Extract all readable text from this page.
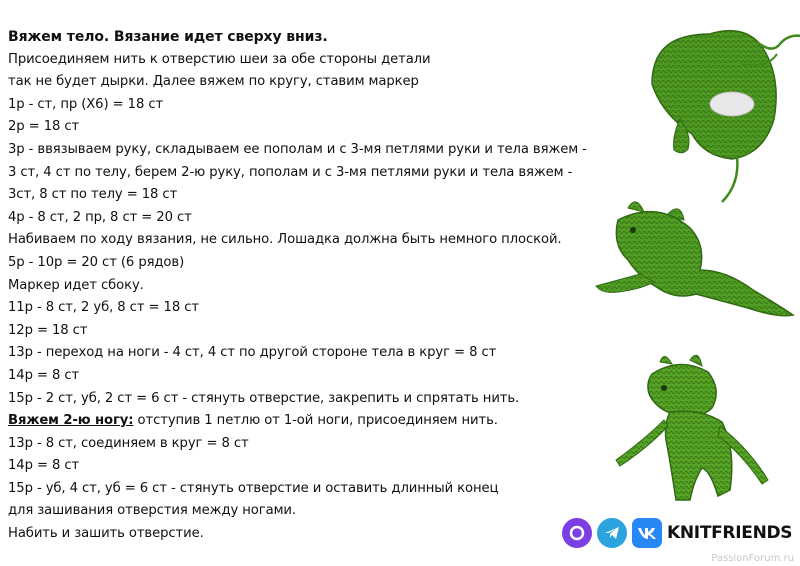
Вяжем тело. Вязание идет сверху вниз.
Присоединяем нить к отверстию шеи за обе стороны детали
так не будет дырки. Далее вяжем по кругу, ставим маркер
1р - ст, пр (Х6) = 18 ст
2р = 18 ст
3р - ввязываем руку, складываем ее пополам и с 3-мя петлями руки и тела вяжем -
3 ст, 4 ст по телу, берем 2-ю руку, пополам и с 3-мя петлями руки и тела вяжем -
3ст, 8 ст по телу = 18 ст
4р - 8 ст, 2 пр, 8 ст = 20 ст
Набиваем по ходу вязания, не сильно. Лошадка должна быть немного плоской.
5р - 10р = 20 ст (6 рядов)
Маркер идет сбоку.
11р - 8 ст, 2 уб, 8 ст = 18 ст
12р = 18 ст
13р - переход на ноги - 4 ст, 4 ст по другой стороне тела в круг = 8 ст
14р = 8 ст
15р - 2 ст, уб, 2 ст = 6 ст - стянуть отверстие, закрепить и спрятать нить.
Вяжем 2-ю ногу: отступив 1 петлю от 1-ой ноги, присоединяем нить.
13р - 8 ст, соединяем в круг = 8 ст
14р = 8 ст
15р - уб, 4 ст, уб = 6 ст - стянуть отверстие и оставить длинный конец
для зашивания отверстия между ногами.
Набить и зашить отверстие.	KNITFRIENDS
PassionForum.ru
